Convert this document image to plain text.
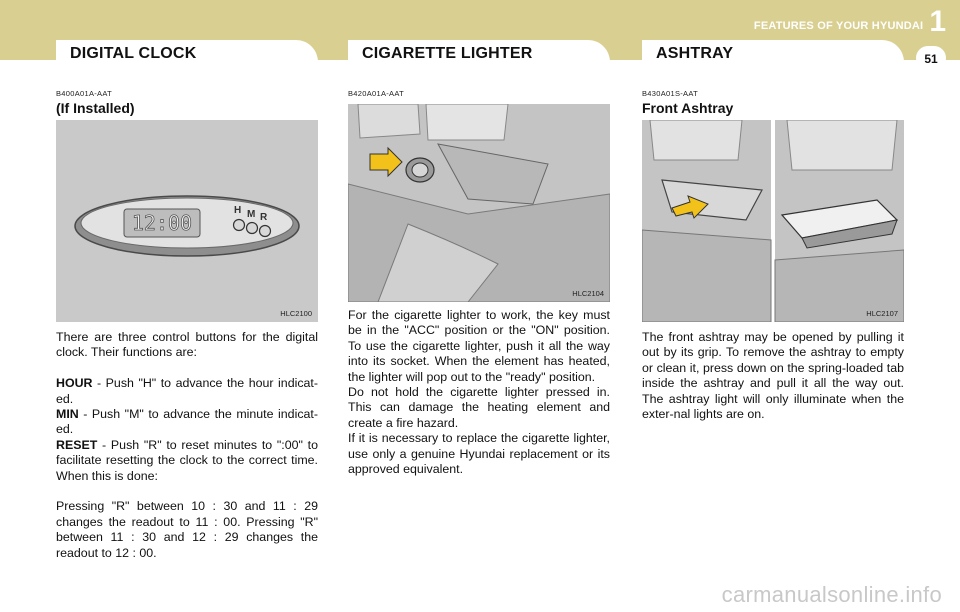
FEATURES OF YOUR HYUNDAI 1
DIGITAL CLOCK	CIGARETTE LIGHTER	ASHTRAY	51
B400A01A-AAT
(If Installed)
12:00
H M R
HLC2100

There are three control buttons for the digital clock. Their functions are:

HOUR - Push "H" to advance the hour indicat-ed.

MIN - Push "M" to advance the minute indicat-ed.

RESET - Push "R" to reset minutes to ":00" to facilitate resetting the clock to the correct time. When this is done:

Pressing "R" between 10 : 30 and 11 : 29 changes the readout to 11 : 00. Pressing "R" between 11 : 30 and 12 : 29 changes the readout to 12 : 00.

B420A01A-AAT
HLC2104

For the cigarette lighter to work, the key must be in the "ACC" position or the "ON" position. To use the cigarette lighter, push it all the way into its socket. When the element has heated, the lighter will pop out to the "ready" position.

Do not hold the cigarette lighter pressed in. This can damage the heating element and create a fire hazard.

If it is necessary to replace the cigarette lighter, use only a genuine Hyundai replacement or its approved equivalent.

B430A01S-AAT
Front Ashtray
HLC2107

The front ashtray may be opened by pulling it out by its grip. To remove the ashtray to empty or clean it, press down on the spring-loaded tab inside the ashtray and pull it all the way out. The ashtray light will only illuminate when the exter-nal lights are on.

carmanualsonline.info
